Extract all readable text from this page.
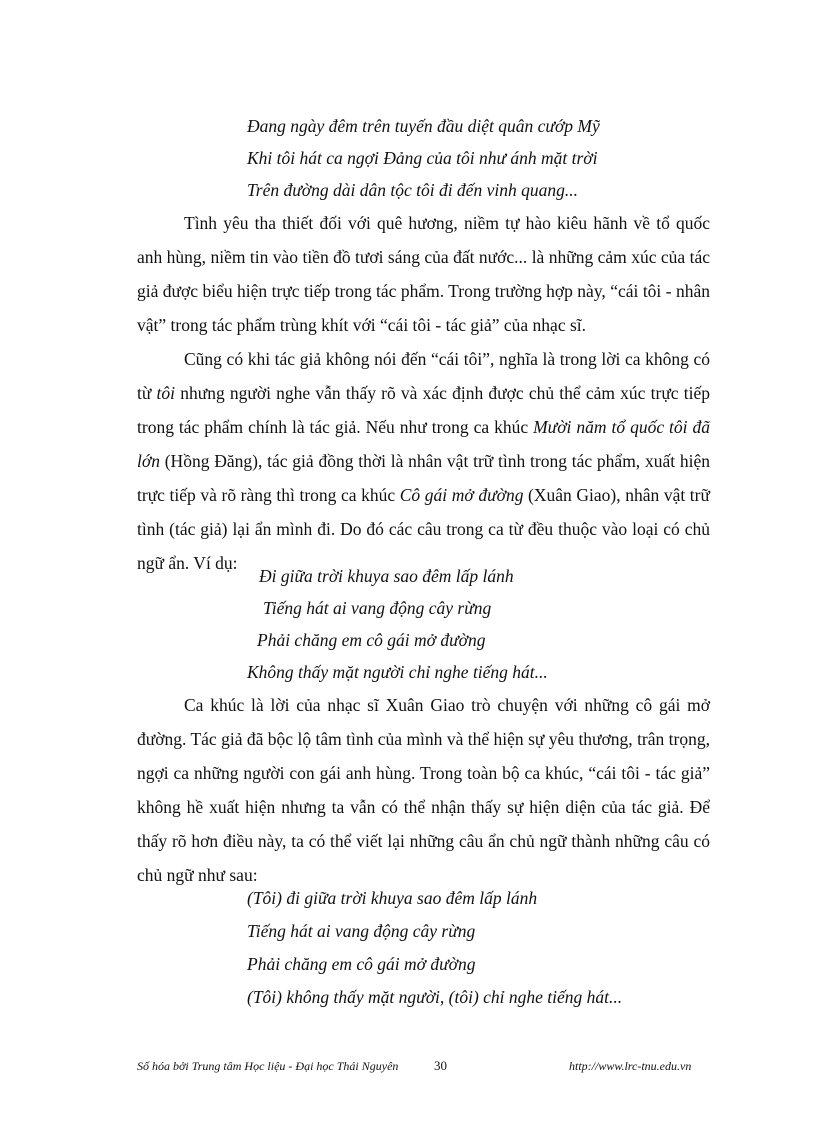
Đang ngày đêm trên tuyến đầu diệt quân cướp Mỹ
Khi tôi hát ca ngợi Đảng của tôi như ánh mặt trời
Trên đường dài dân tộc tôi đi đến vinh quang...

Tình yêu tha thiết đối với quê hương, niềm tự hào kiêu hãnh về tổ quốc anh hùng, niềm tin vào tiền đồ tươi sáng của đất nước... là những cảm xúc của tác giả được biểu hiện trực tiếp trong tác phẩm. Trong trường hợp này, “cái tôi - nhân vật” trong tác phẩm trùng khít với “cái tôi - tác giả” của nhạc sĩ.

Cũng có khi tác giả không nói đến “cái tôi”, nghĩa là trong lời ca không có từ tôi nhưng người nghe vẫn thấy rõ và xác định được chủ thể cảm xúc trực tiếp trong tác phẩm chính là tác giả. Nếu như trong ca khúc Mười năm tổ quốc tôi đã lớn (Hồng Đăng), tác giả đồng thời là nhân vật trữ tình trong tác phẩm, xuất hiện trực tiếp và rõ ràng thì trong ca khúc Cô gái mở đường (Xuân Giao), nhân vật trữ tình (tác giả) lại ẩn mình đi. Do đó các câu trong ca từ đều thuộc vào loại có chủ ngữ ẩn. Ví dụ:

Đi giữa trời khuya sao đêm lấp lánh
Tiếng hát ai vang động cây rừng
Phải chăng em cô gái mở đường
Không thấy mặt người chỉ nghe tiếng hát...

Ca khúc là lời của nhạc sĩ Xuân Giao trò chuyện với những cô gái mở đường. Tác giả đã bộc lộ tâm tình của mình và thể hiện sự yêu thương, trân trọng, ngợi ca những người con gái anh hùng. Trong toàn bộ ca khúc, “cái tôi - tác giả” không hề xuất hiện nhưng ta vẫn có thể nhận thấy sự hiện diện của tác giả. Để thấy rõ hơn điều này, ta có thể viết lại những câu ẩn chủ ngữ thành những câu có chủ ngữ như sau:

(Tôi) đi giữa trời khuya sao đêm lấp lánh
Tiếng hát ai vang động cây rừng
Phải chăng em cô gái mở đường
(Tôi) không thấy mặt người, (tôi) chỉ nghe tiếng hát...
Số hóa bởi Trung tâm Học liệu - Đại học Thái Nguyên	30	http://www.lrc-tnu.edu.vn
